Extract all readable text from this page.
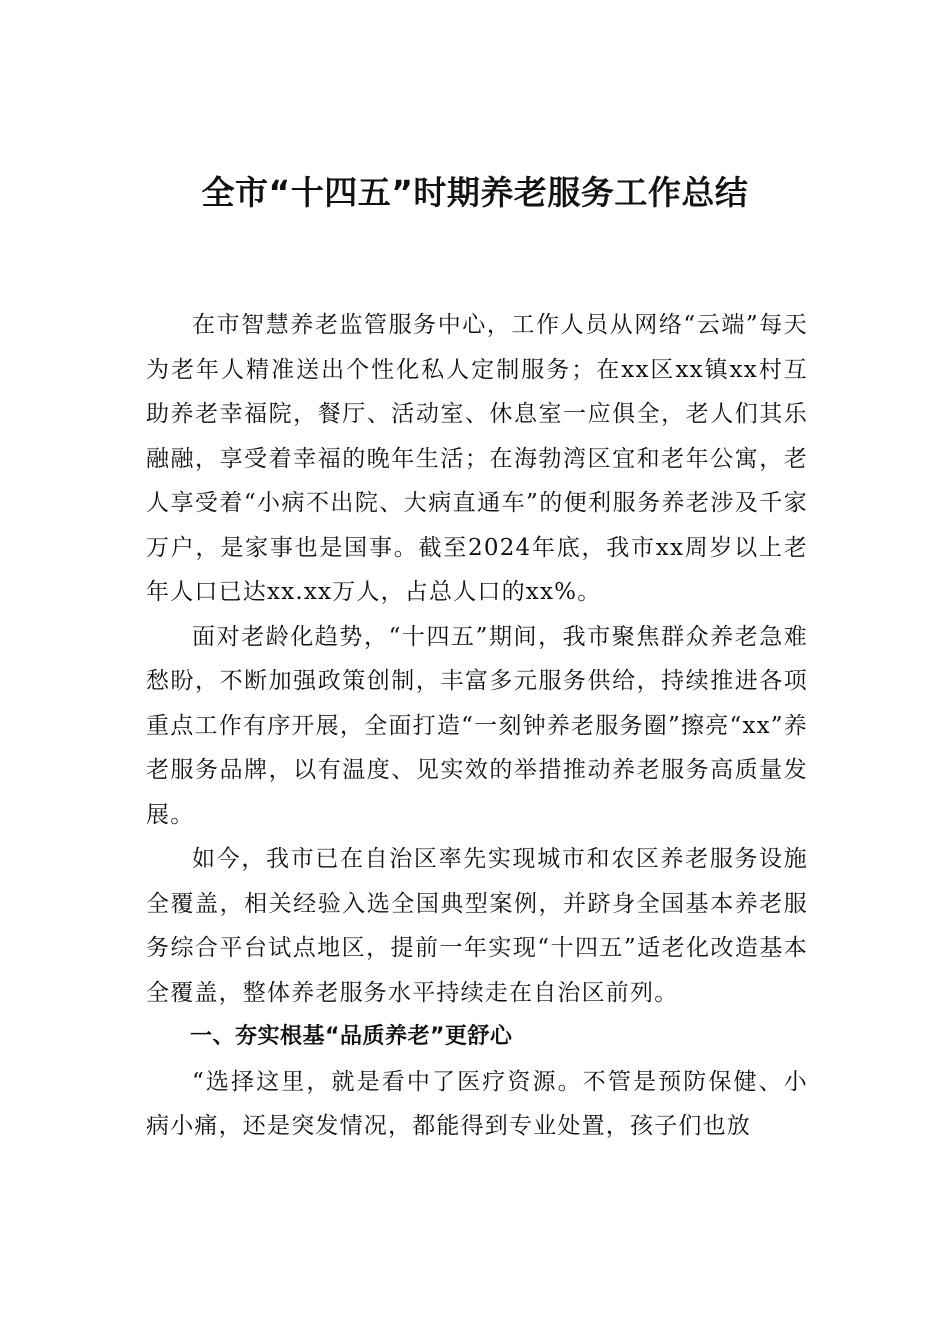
全市“十四五”时期养老服务工作总结

在市智慧养老监管服务中心，工作人员从网络“云端”每天为老年人精准送出个性化私人定制服务；在xx区xx镇xx村互助养老幸福院，餐厅、活动室、休息室一应俱全，老人们其乐融融，享受着幸福的晚年生活；在海勃湾区宜和老年公寓，老人享受着“小病不出院、大病直通车”的便利服务养老涉及千家万户，是家事也是国事。截至2024年底，我市xx周岁以上老年人口已达xx.xx万人，占总人口的xx%。

面对老龄化趋势，“十四五”期间，我市聚焦群众养老急难愁盼，不断加强政策创制，丰富多元服务供给，持续推进各项重点工作有序开展，全面打造“一刻钟养老服务圈”擦亮“xx”养老服务品牌，以有温度、见实效的举措推动养老服务高质量发展。

如今，我市已在自治区率先实现城市和农区养老服务设施全覆盖，相关经验入选全国典型案例，并跻身全国基本养老服务综合平台试点地区，提前一年实现“十四五”适老化改造基本全覆盖，整体养老服务水平持续走在自治区前列。

一、夯实根基“品质养老”更舒心

“选择这里，就是看中了医疗资源。不管是预防保健、小病小痛，还是突发情况，都能得到专业处置，孩子们也放
